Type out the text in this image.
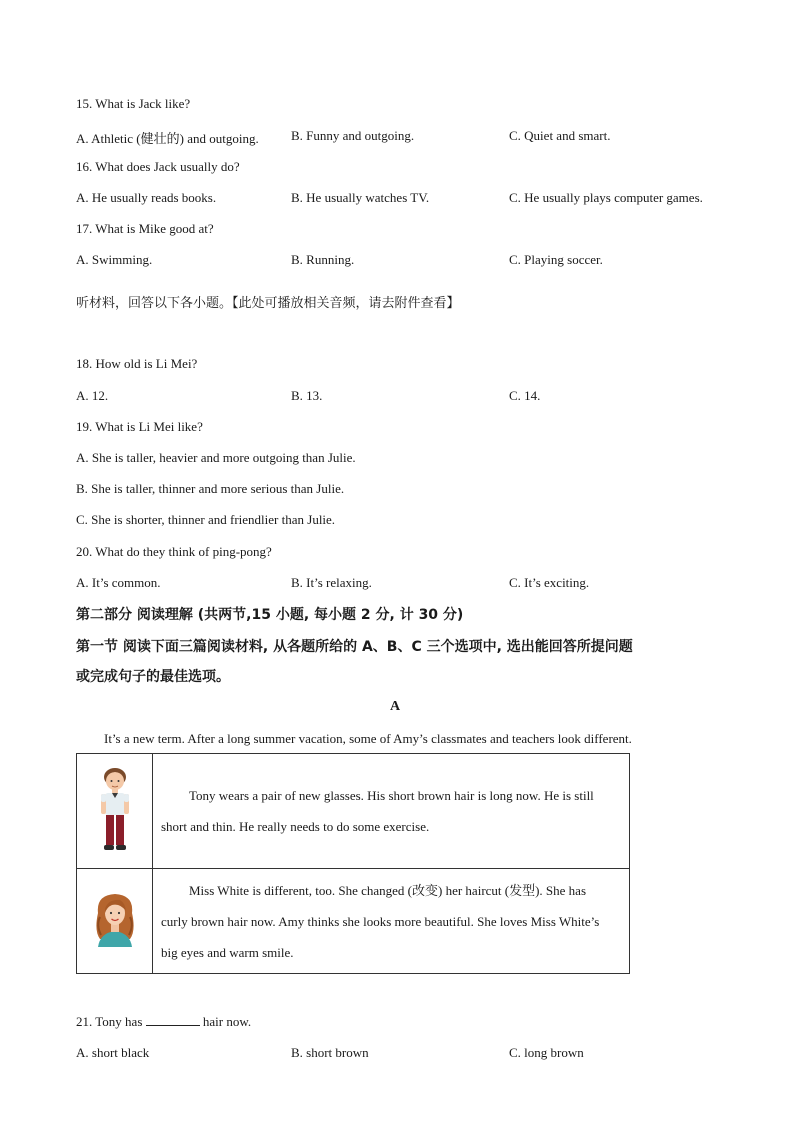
15. What is Jack like?
A. Athletic (健壮的) and outgoing. B. Funny and outgoing.	C. Quiet and smart.
16. What does Jack usually do?
A. He usually reads books.	B. He usually watches TV.	C. He usually plays computer games.
17. What is Mike good at?
A. Swimming.	B. Running.	C. Playing soccer.
听材料，回答以下各小题。【此处可播放相关音频，请去附件查看】
18. How old is Li Mei?
A. 12.	B. 13.	C. 14.
19. What is Li Mei like?
A. She is taller, heavier and more outgoing than Julie.
B. She is taller, thinner and more serious than Julie.
C. She is shorter, thinner and friendlier than Julie.
20. What do they think of ping-pong?
A. It’s common.	B. It’s relaxing.	C. It’s exciting.
第二部分 阅读理解 (共两节,15 小题, 每小题 2 分, 计 30 分)
第一节 阅读下面三篇阅读材料, 从各题所给的 A、B、C 三个选项中, 选出能回答所提问题
或完成句子的最佳选项。
A
It’s a new term. After a long summer vacation, some of Amy’s classmates and teachers look different.
	Tony wears a pair of new glasses. His short brown hair is long now. He is still
short and thin. He really needs to do some exercise.
	Miss White is different, too. She changed (改变) her haircut (发型). She has
curly brown hair now. Amy thinks she looks more beautiful. She loves Miss White’s
big eyes and warm smile.
21. Tony has	hair now.
A. short black	B. short brown	C. long brown
